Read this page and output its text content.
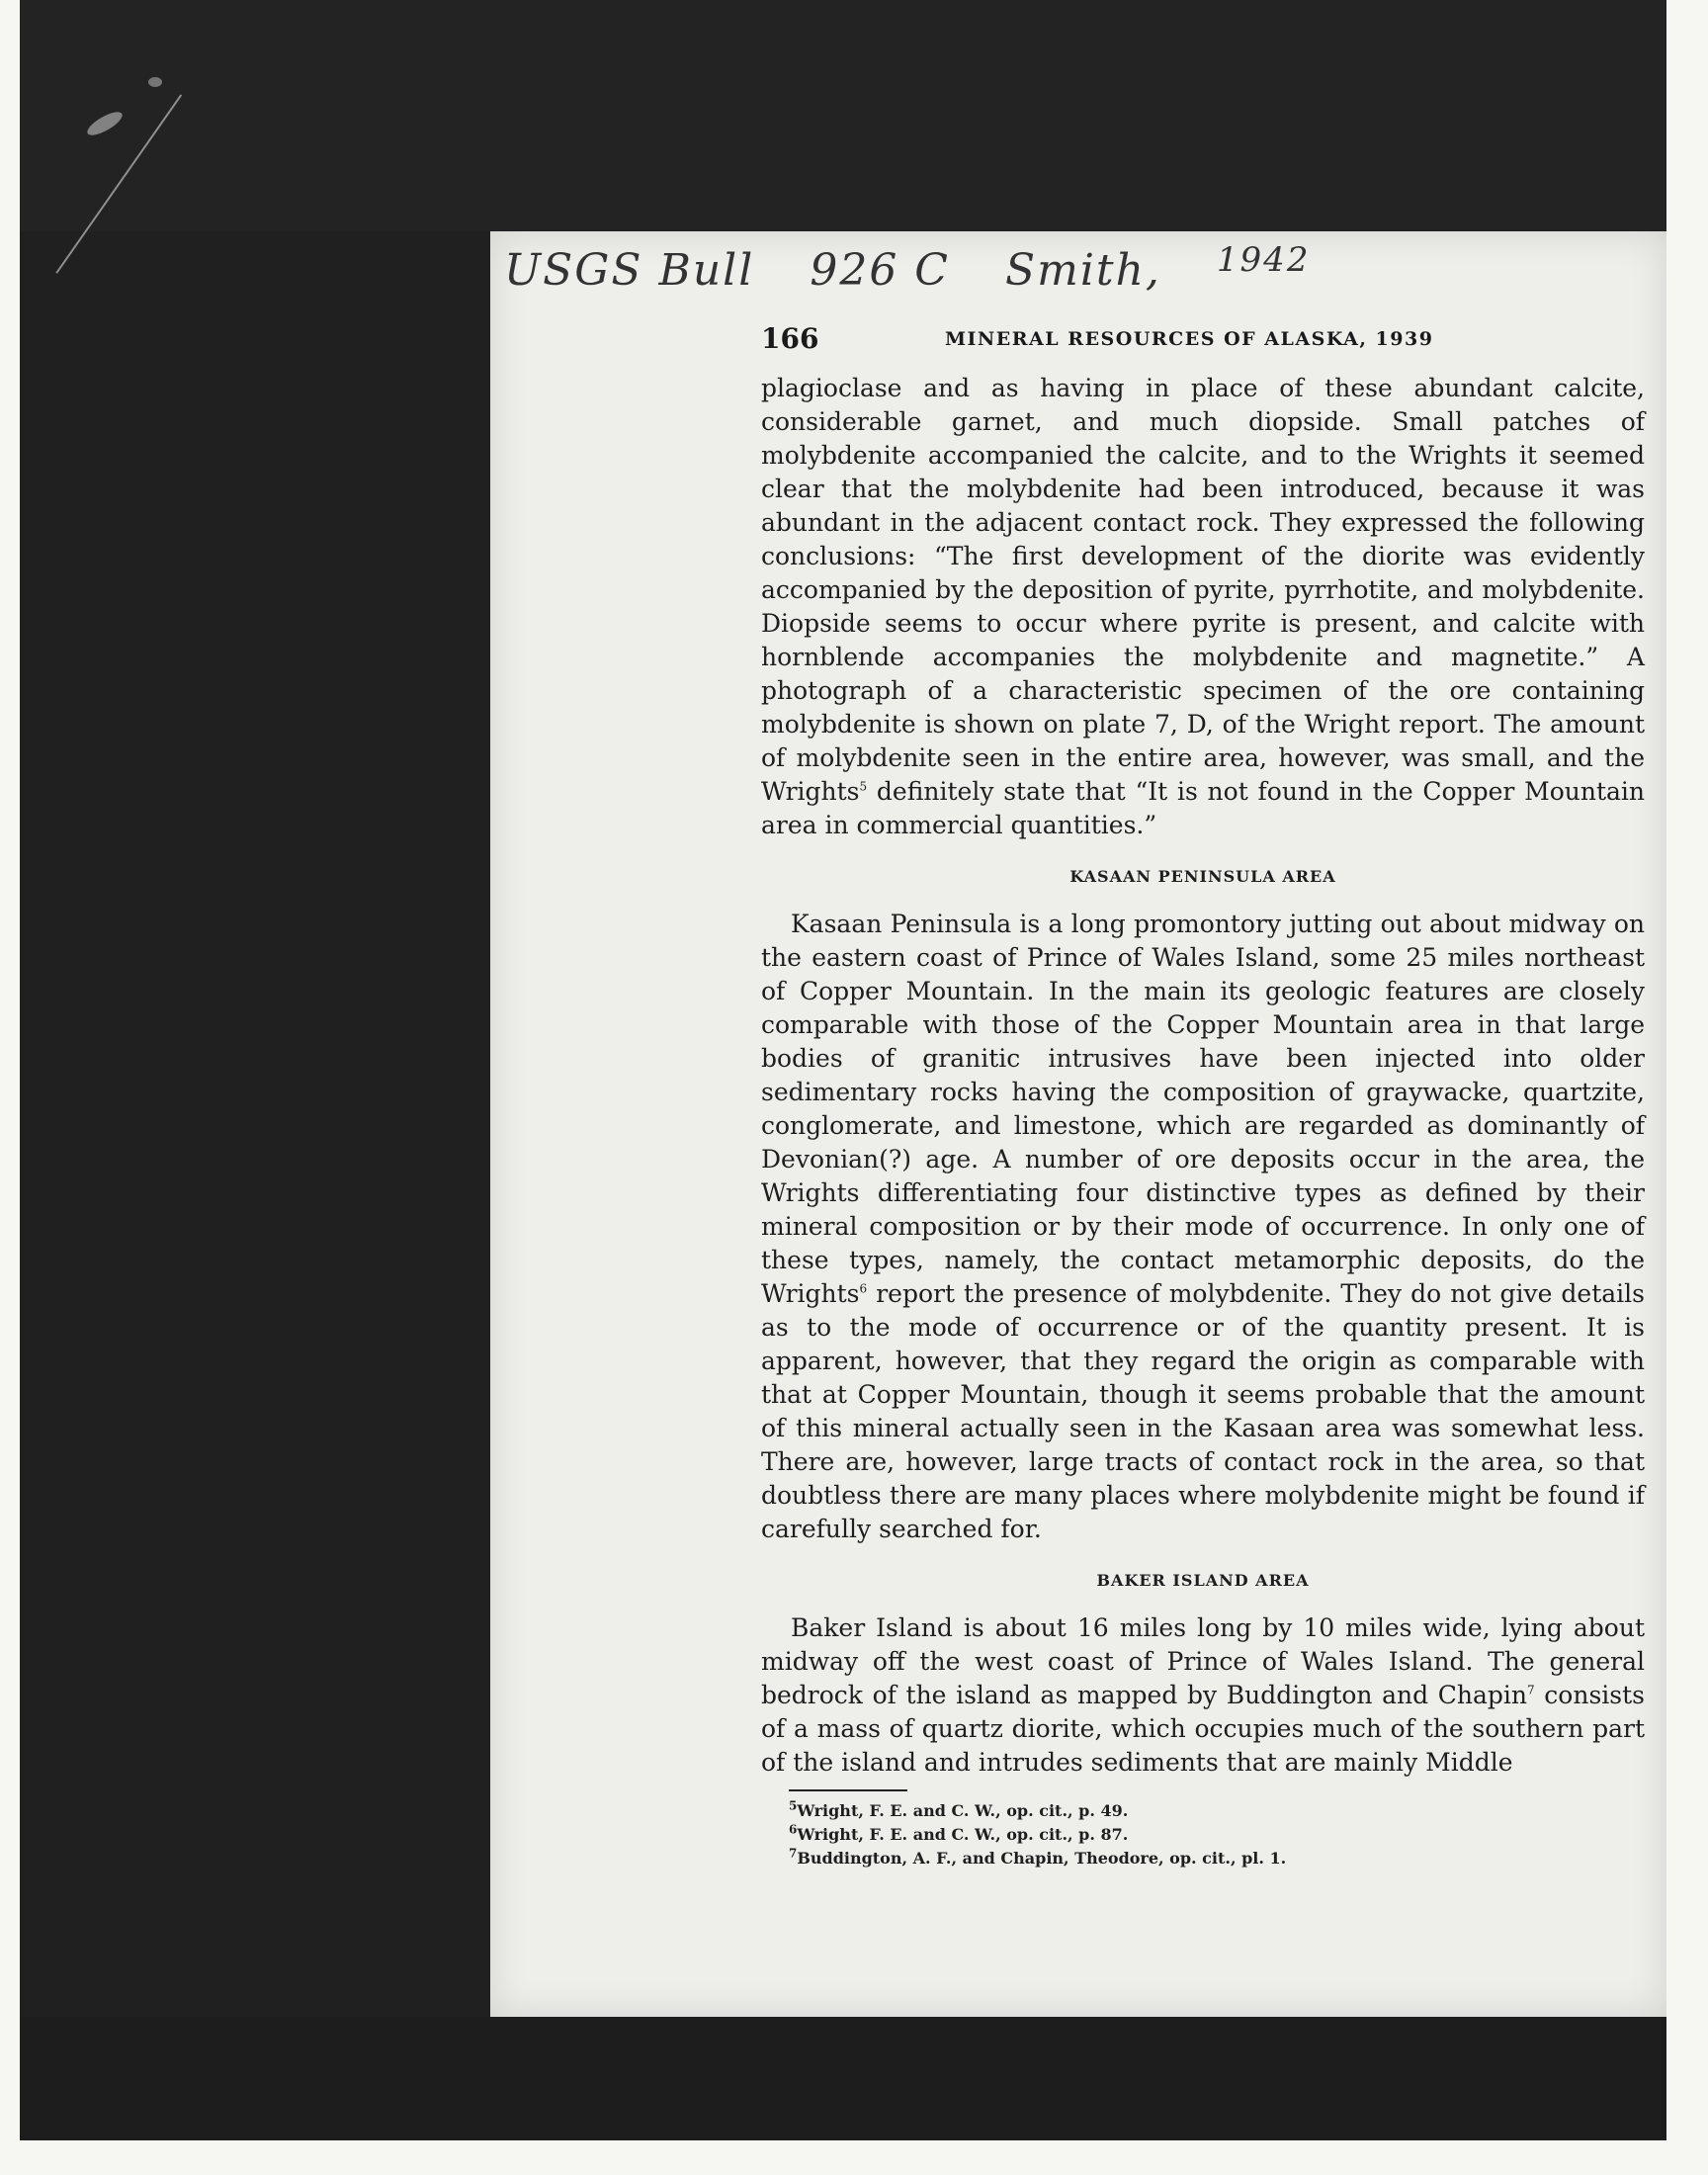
USGS Bull 926 C Smith, $^{1942}$
166	MINERAL RESOURCES OF ALASKA, 1939

plagioclase and as having in place of these abundant calcite, considerable garnet, and much diopside. Small patches of molybdenite accompanied the calcite, and to the Wrights it seemed clear that the molybdenite had been introduced, because it was abundant in the adjacent contact rock. They expressed the following conclusions: “The first development of the diorite was evidently accompanied by the deposition of pyrite, pyrrhotite, and molybdenite. Diopside seems to occur where pyrite is present, and calcite with hornblende accompanies the molybdenite and magnetite.” A photograph of a characteristic specimen of the ore containing molybdenite is shown on plate 7, D, of the Wright report. The amount of molybdenite seen in the entire area, however, was small, and the Wrights$^5$ definitely state that “It is not found in the Copper Mountain area in commercial quantities.”

KASAAN PENINSULA AREA

Kasaan Peninsula is a long promontory jutting out about midway on the eastern coast of Prince of Wales Island, some 25 miles northeast of Copper Mountain. In the main its geologic features are closely comparable with those of the Copper Mountain area in that large bodies of granitic intrusives have been injected into older sedimentary rocks having the composition of graywacke, quartzite, conglomerate, and limestone, which are regarded as dominantly of Devonian(?) age. A number of ore deposits occur in the area, the Wrights differentiating four distinctive types as defined by their mineral composition or by their mode of occurrence. In only one of these types, namely, the contact metamorphic deposits, do the Wrights$^6$ report the presence of molybdenite. They do not give details as to the mode of occurrence or of the quantity present. It is apparent, however, that they regard the origin as comparable with that at Copper Mountain, though it seems probable that the amount of this mineral actually seen in the Kasaan area was somewhat less. There are, however, large tracts of contact rock in the area, so that doubtless there are many places where molybdenite might be found if carefully searched for.

BAKER ISLAND AREA

Baker Island is about 16 miles long by 10 miles wide, lying about midway off the west coast of Prince of Wales Island. The general bedrock of the island as mapped by Buddington and Chapin$^7$ consists of a mass of quartz diorite, which occupies much of the southern part of the island and intrudes sediments that are mainly Middle

$^5$Wright, F. E. and C. W., op. cit., p. 49.
$^6$Wright, F. E. and C. W., op. cit., p. 87.
$^7$Buddington, A. F., and Chapin, Theodore, op. cit., pl. 1.
